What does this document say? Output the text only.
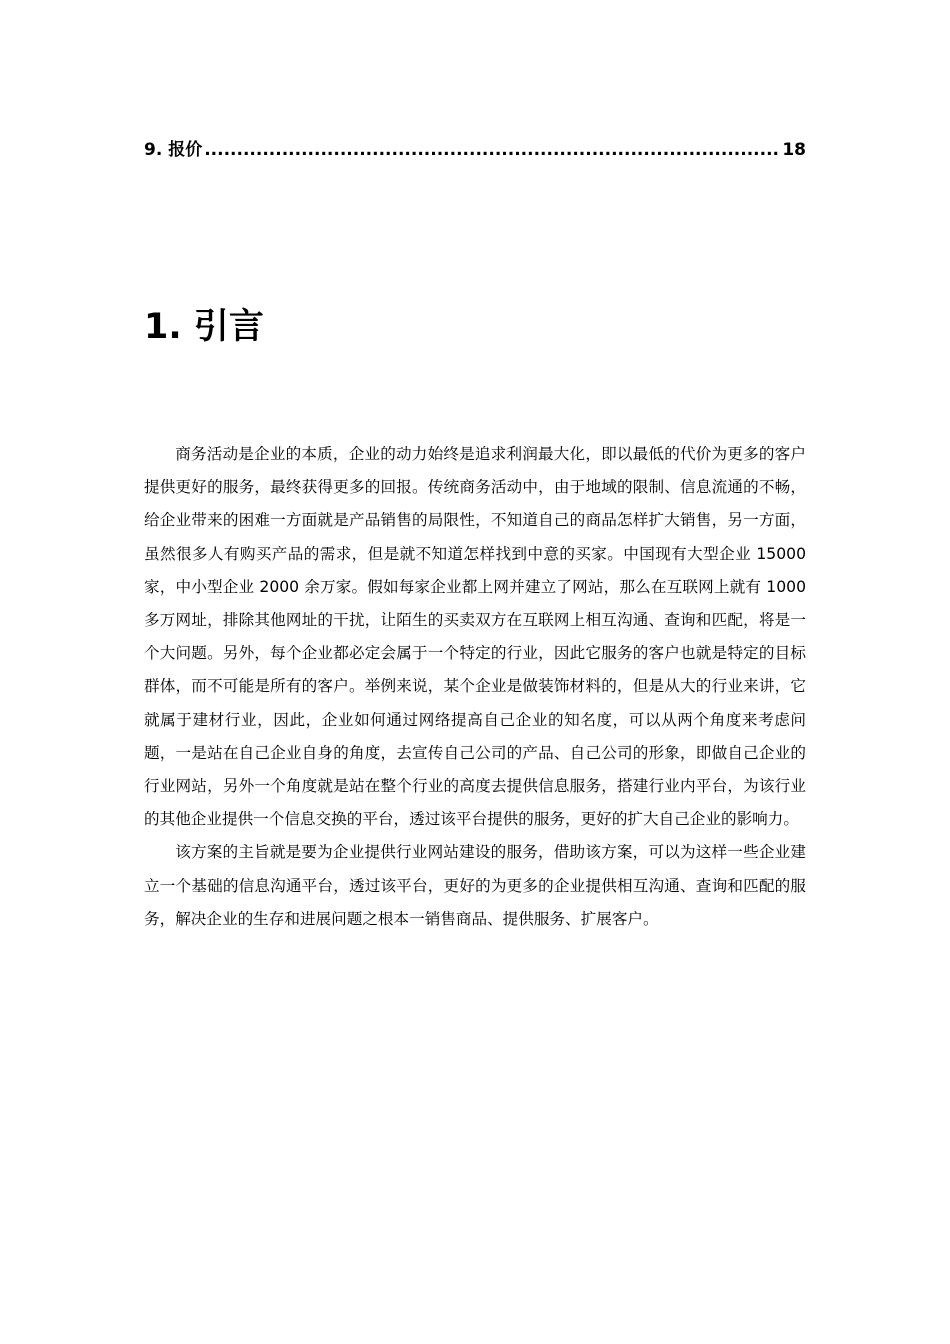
9. 报价
.....	18
1. 引言

商务活动是企业的本质，企业的动力始终是追求利润最大化，即以最低的代价为更多的客户提供更好的服务，最终获得更多的回报。传统商务活动中，由于地域的限制、信息流通的不畅，给企业带来的困难一方面就是产品销售的局限性，不知道自己的商品怎样扩大销售，另一方面，虽然很多人有购买产品的需求，但是就不知道怎样找到中意的买家。中国现有大型企业 15000 家，中小型企业 2000 余万家。假如每家企业都上网并建立了网站，那么在互联网上就有 1000 多万网址，排除其他网址的干扰，让陌生的买卖双方在互联网上相互沟通、查询和匹配，将是一个大问题。另外，每个企业都必定会属于一个特定的行业，因此它服务的客户也就是特定的目标群体，而不可能是所有的客户。举例来说，某个企业是做装饰材料的，但是从大的行业来讲，它就属于建材行业，因此，企业如何通过网络提高自己企业的知名度，可以从两个角度来考虑问题，一是站在自己企业自身的角度，去宣传自己公司的产品、自己公司的形象，即做自己企业的行业网站，另外一个角度就是站在整个行业的高度去提供信息服务，搭建行业内平台，为该行业的其他企业提供一个信息交换的平台，透过该平台提供的服务，更好的扩大自己企业的影响力。

该方案的主旨就是要为企业提供行业网站建设的服务，借助该方案，可以为这样一些企业建立一个基础的信息沟通平台，透过该平台，更好的为更多的企业提供相互沟通、查询和匹配的服务，解决企业的生存和进展问题之根本一销售商品、提供服务、扩展客户。
